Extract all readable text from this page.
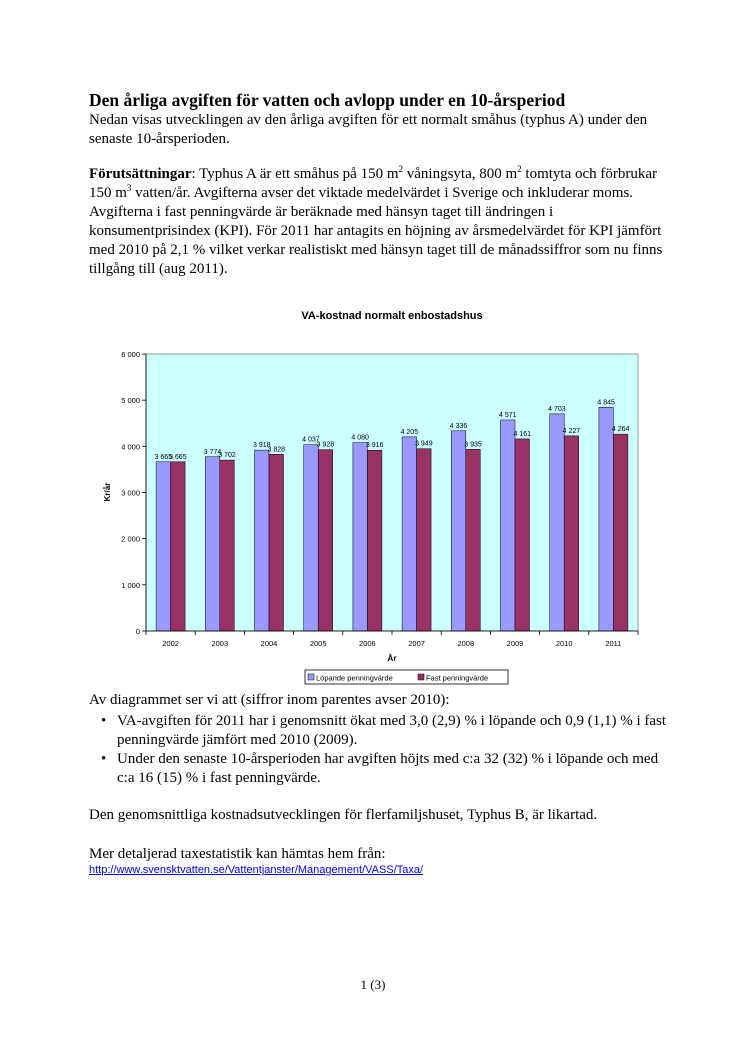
Den årliga avgiften för vatten och avlopp under en 10-årsperiod

Nedan visas utvecklingen av den årliga avgiften för ett normalt småhus (typhus A) under den senaste 10-årsperioden.

Förutsättningar: Typhus A är ett småhus på 150 $m^2$ våningsyta, 800 $m^2$ tomtyta och förbrukar 150 $m^3$ vatten/år. Avgifterna avser det viktade medelvärdet i Sverige och inkluderar moms. Avgifterna i fast penningvärde är beräknade med hänsyn taget till ändringen i konsumentprisindex (KPI). För 2011 har antagits en höjning av årsmedelvärdet för KPI jämfört med 2010 på 2,1 % vilket verkar realistiskt med hänsyn taget till de månadssiffror som nu finns tillgång till (aug 2011).

VA-kostnad normalt enbostadshus
0
1 000
2 000
3 000
4 000
5 000
6 000
2002
3 665
3 665
2003
3 774
3 702
2004
3 918
3 828
2005
4 037
3 928
2006
4 080
3 916
2007
4 205
3 949
2008
4 336
3 935
2009
4 571
4 161
2010
4 703
4 227
2011
4 845
4 264
Kr/år
År
Löpande penningvärde	Fast penningvärde

Av diagrammet ser vi att (siffror inom parentes avser 2010):

• VA-avgiften för 2011 har i genomsnitt ökat med 3,0 (2,9) % i löpande och 0,9 (1,1) % i fast penningvärde jämfört med 2010 (2009).
• Under den senaste 10-årsperioden har avgiften höjts med c:a 32 (32) % i löpande och med c:a 16 (15) % i fast penningvärde.

Den genomsnittliga kostnadsutvecklingen för flerfamiljshuset, Typhus B, är likartad.

Mer detaljerad taxestatistik kan hämtas hem från:

http://www.svensktvatten.se/Vattentjanster/Management/VASS/Taxa/

1 (3)
